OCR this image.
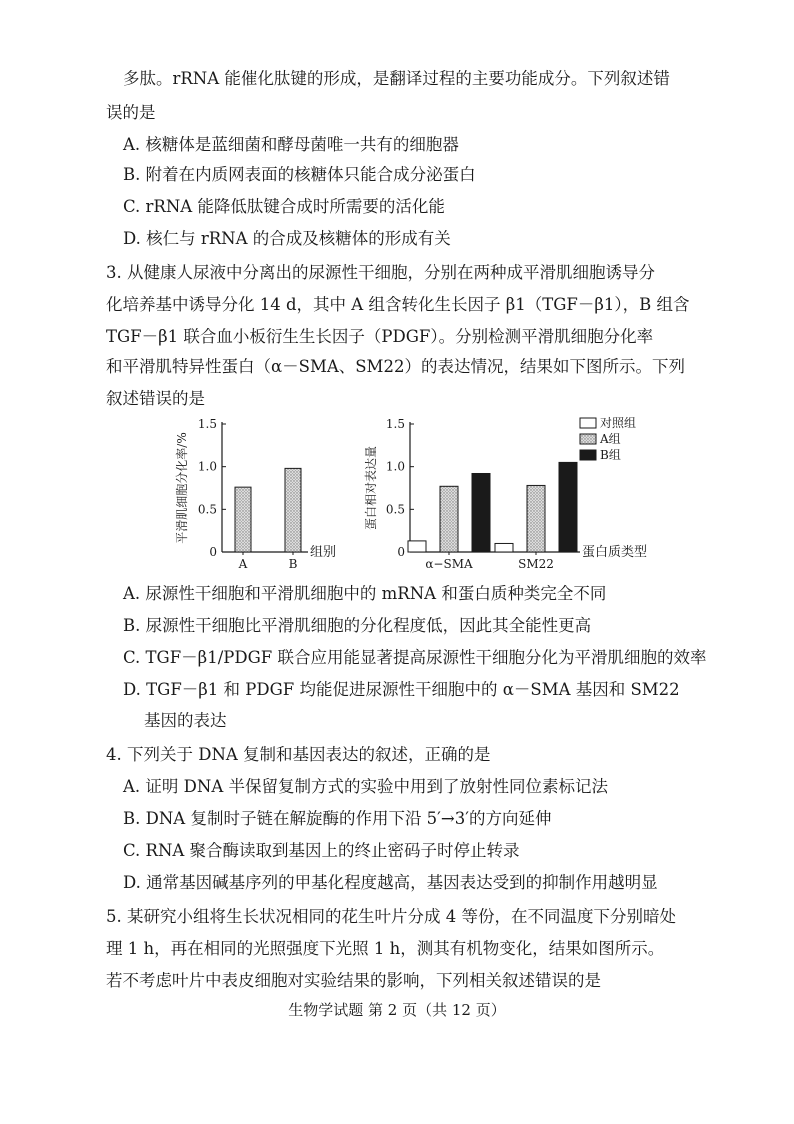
多肽。rRNA 能催化肽键的形成，是翻译过程的主要功能成分。下列叙述错
误的是
A. 核糖体是蓝细菌和酵母菌唯一共有的细胞器
B. 附着在内质网表面的核糖体只能合成分泌蛋白
C. rRNA 能降低肽键合成时所需要的活化能
D. 核仁与 rRNA 的合成及核糖体的形成有关
3. 从健康人尿液中分离出的尿源性干细胞，分别在两种成平滑肌细胞诱导分
化培养基中诱导分化 14 d，其中 A 组含转化生长因子 β1（TGF－β1），B 组含
TGF－β1 联合血小板衍生生长因子（PDGF）。分别检测平滑肌细胞分化率
和平滑肌特异性蛋白（α－SMA、SM22）的表达情况，结果如下图所示。下列
叙述错误的是
0
0.5
1.0
1.5
平滑肌细胞分化率/%
A	B
组别	0
0.5
1.0
1.5
蛋白相对表达量
α−SMA	SM22
蛋白质类型
对照组
A组
B组
A. 尿源性干细胞和平滑肌细胞中的 mRNA 和蛋白质种类完全不同
B. 尿源性干细胞比平滑肌细胞的分化程度低，因此其全能性更高
C. TGF－β1/PDGF 联合应用能显著提高尿源性干细胞分化为平滑肌细胞的效率
D. TGF－β1 和 PDGF 均能促进尿源性干细胞中的 α－SMA 基因和 SM22
基因的表达
4. 下列关于 DNA 复制和基因表达的叙述，正确的是
A. 证明 DNA 半保留复制方式的实验中用到了放射性同位素标记法
B. DNA 复制时子链在解旋酶的作用下沿 5′→3′的方向延伸
C. RNA 聚合酶读取到基因上的终止密码子时停止转录
D. 通常基因碱基序列的甲基化程度越高，基因表达受到的抑制作用越明显
5. 某研究小组将生长状况相同的花生叶片分成 4 等份，在不同温度下分别暗处
理 1 h，再在相同的光照强度下光照 1 h，测其有机物变化，结果如图所示。
若不考虑叶片中表皮细胞对实验结果的影响，下列相关叙述错误的是
生物学试题 第 2 页（共 12 页）
